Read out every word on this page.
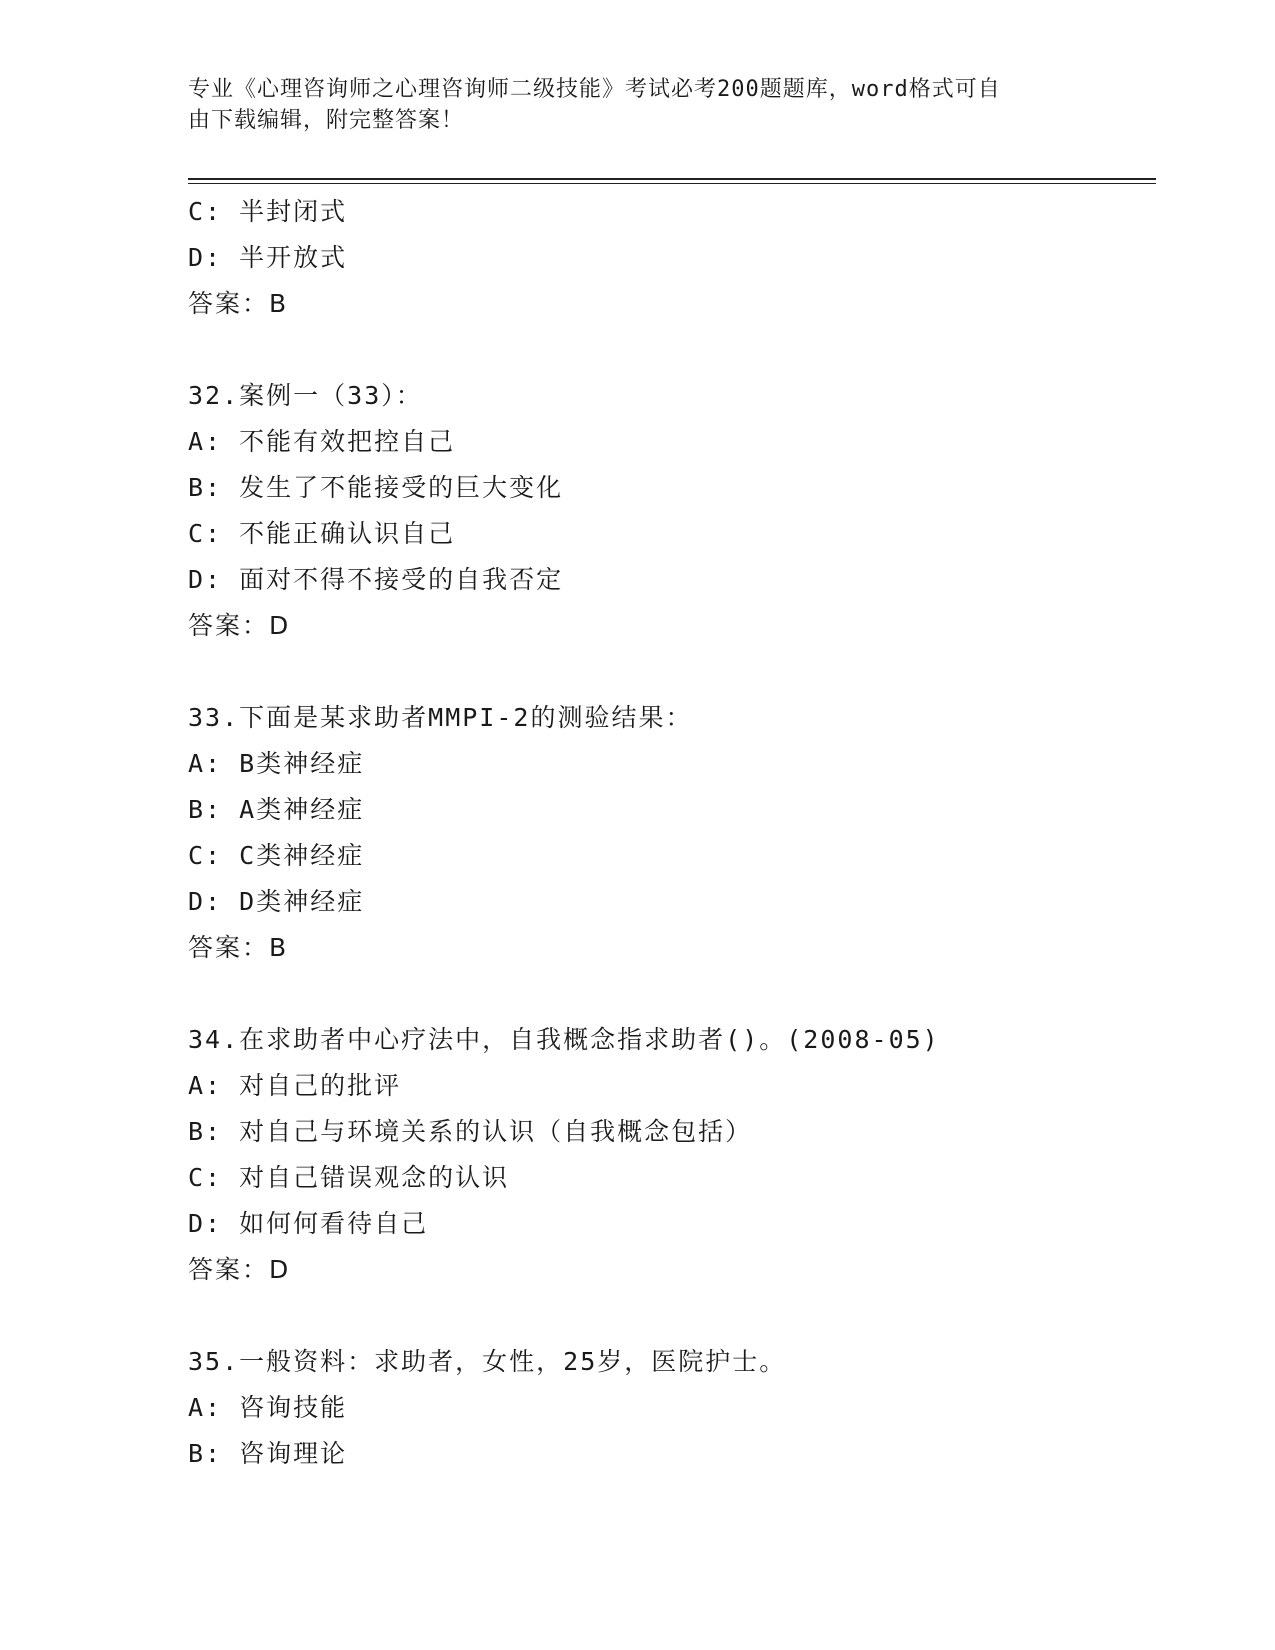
专业《心理咨询师之心理咨询师二级技能》考试必考200题题库，word格式可自
由下载编辑，附完整答案！
C: 半封闭式
D: 半开放式
答案：B
32.案例一（33）：
A: 不能有效把控自己
B: 发生了不能接受的巨大变化
C: 不能正确认识自己
D: 面对不得不接受的自我否定
答案：D
33.下面是某求助者MMPI-2的测验结果：
A: B类神经症
B: A类神经症
C: C类神经症
D: D类神经症
答案：B
34.在求助者中心疗法中，自我概念指求助者()。(2008-05)
A: 对自己的批评
B: 对自己与环境关系的认识（自我概念包括）
C: 对自己错误观念的认识
D: 如何何看待自己
答案：D
35.一般资料：求助者，女性，25岁，医院护士。
A: 咨询技能
B: 咨询理论
